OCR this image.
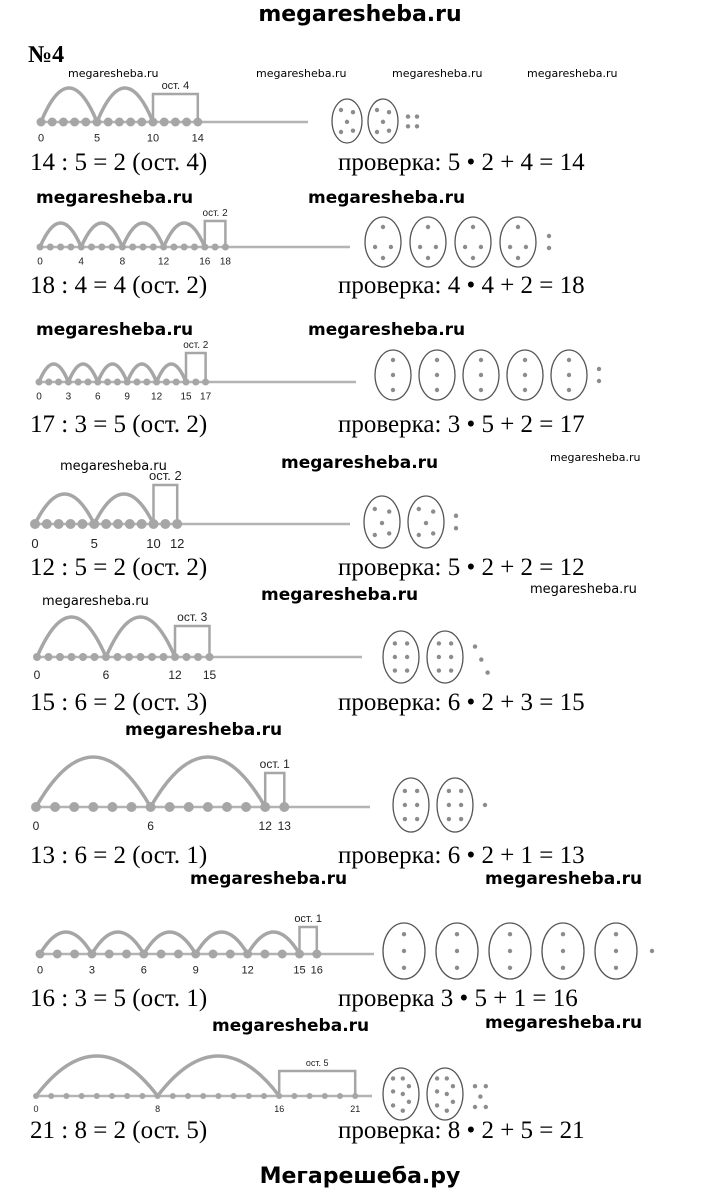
megaresheba.ru
№4
megaresheba.ru	megaresheba.ru	megaresheba.ru	megaresheba.ru
megaresheba.ru	megaresheba.ru
megaresheba.ru	megaresheba.ru
megaresheba.ru	megaresheba.ru	megaresheba.ru
megaresheba.ru	megaresheba.ru	megaresheba.ru
megaresheba.ru
megaresheba.ru	megaresheba.ru
megaresheba.ru	megaresheba.ru
ост. 4
0	5	10	14
14 : 5 = 2 (ост. 4)	проверка: 5 • 2 + 4 = 14
ост. 2
0	4	8	12	16 18
18 : 4 = 4 (ост. 2)	проверка: 4 • 4 + 2 = 18
ост. 2
0 3 6 9 12 15 17
17 : 3 = 5 (ост. 2)	проверка: 3 • 5 + 2 = 17
ост. 2
0	5	10 12
12 : 5 = 2 (ост. 2)	проверка: 5 • 2 + 2 = 12
ост. 3
0	6	12 15
15 : 6 = 2 (ост. 3)	проверка: 6 • 2 + 3 = 15
ост. 1
0	6	12 13
13 : 6 = 2 (ост. 1)	проверка: 6 • 2 + 1 = 13
ост. 1
0	3	6	9	12	15 16
16 : 3 = 5 (ост. 1)	проверка 3 • 5 + 1 = 16
ост. 5
0	8	16	21
21 : 8 = 2 (ост. 5)	проверка: 8 • 2 + 5 = 21
Мегарешеба.ру
